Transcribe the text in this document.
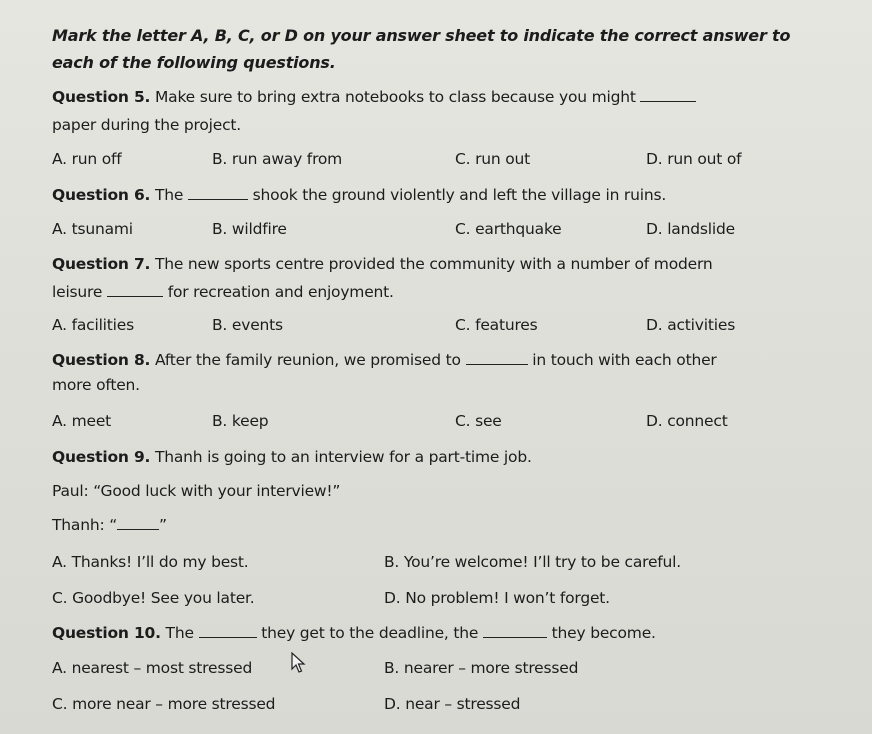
Mark the letter A, B, C, or D on your answer sheet to indicate the correct answer to
each of the following questions.
Question 5. Make sure to bring extra notebooks to class because you might
paper during the project.
A. run off	B. run away from	C. run out	D. run out of
Question 6. The	shook the ground violently and left the village in ruins.
A. tsunami	B. wildfire	C. earthquake	D. landslide
Question 7. The new sports centre provided the community with a number of modern
leisure	for recreation and enjoyment.
A. facilities	B. events	C. features	D. activities
Question 8. After the family reunion, we promised to	in touch with each other
more often.
A. meet	B. keep	C. see	D. connect
Question 9. Thanh is going to an interview for a part-time job.
Paul: “Good luck with your interview!”
Thanh: “	”
A. Thanks! I’ll do my best.	B. You’re welcome! I’ll try to be careful.
C. Goodbye! See you later.	D. No problem! I won’t forget.
Question 10. The	they get to the deadline, the	they become.
A. nearest – most stressed	B. nearer – more stressed
C. more near – more stressed	D. near – stressed
